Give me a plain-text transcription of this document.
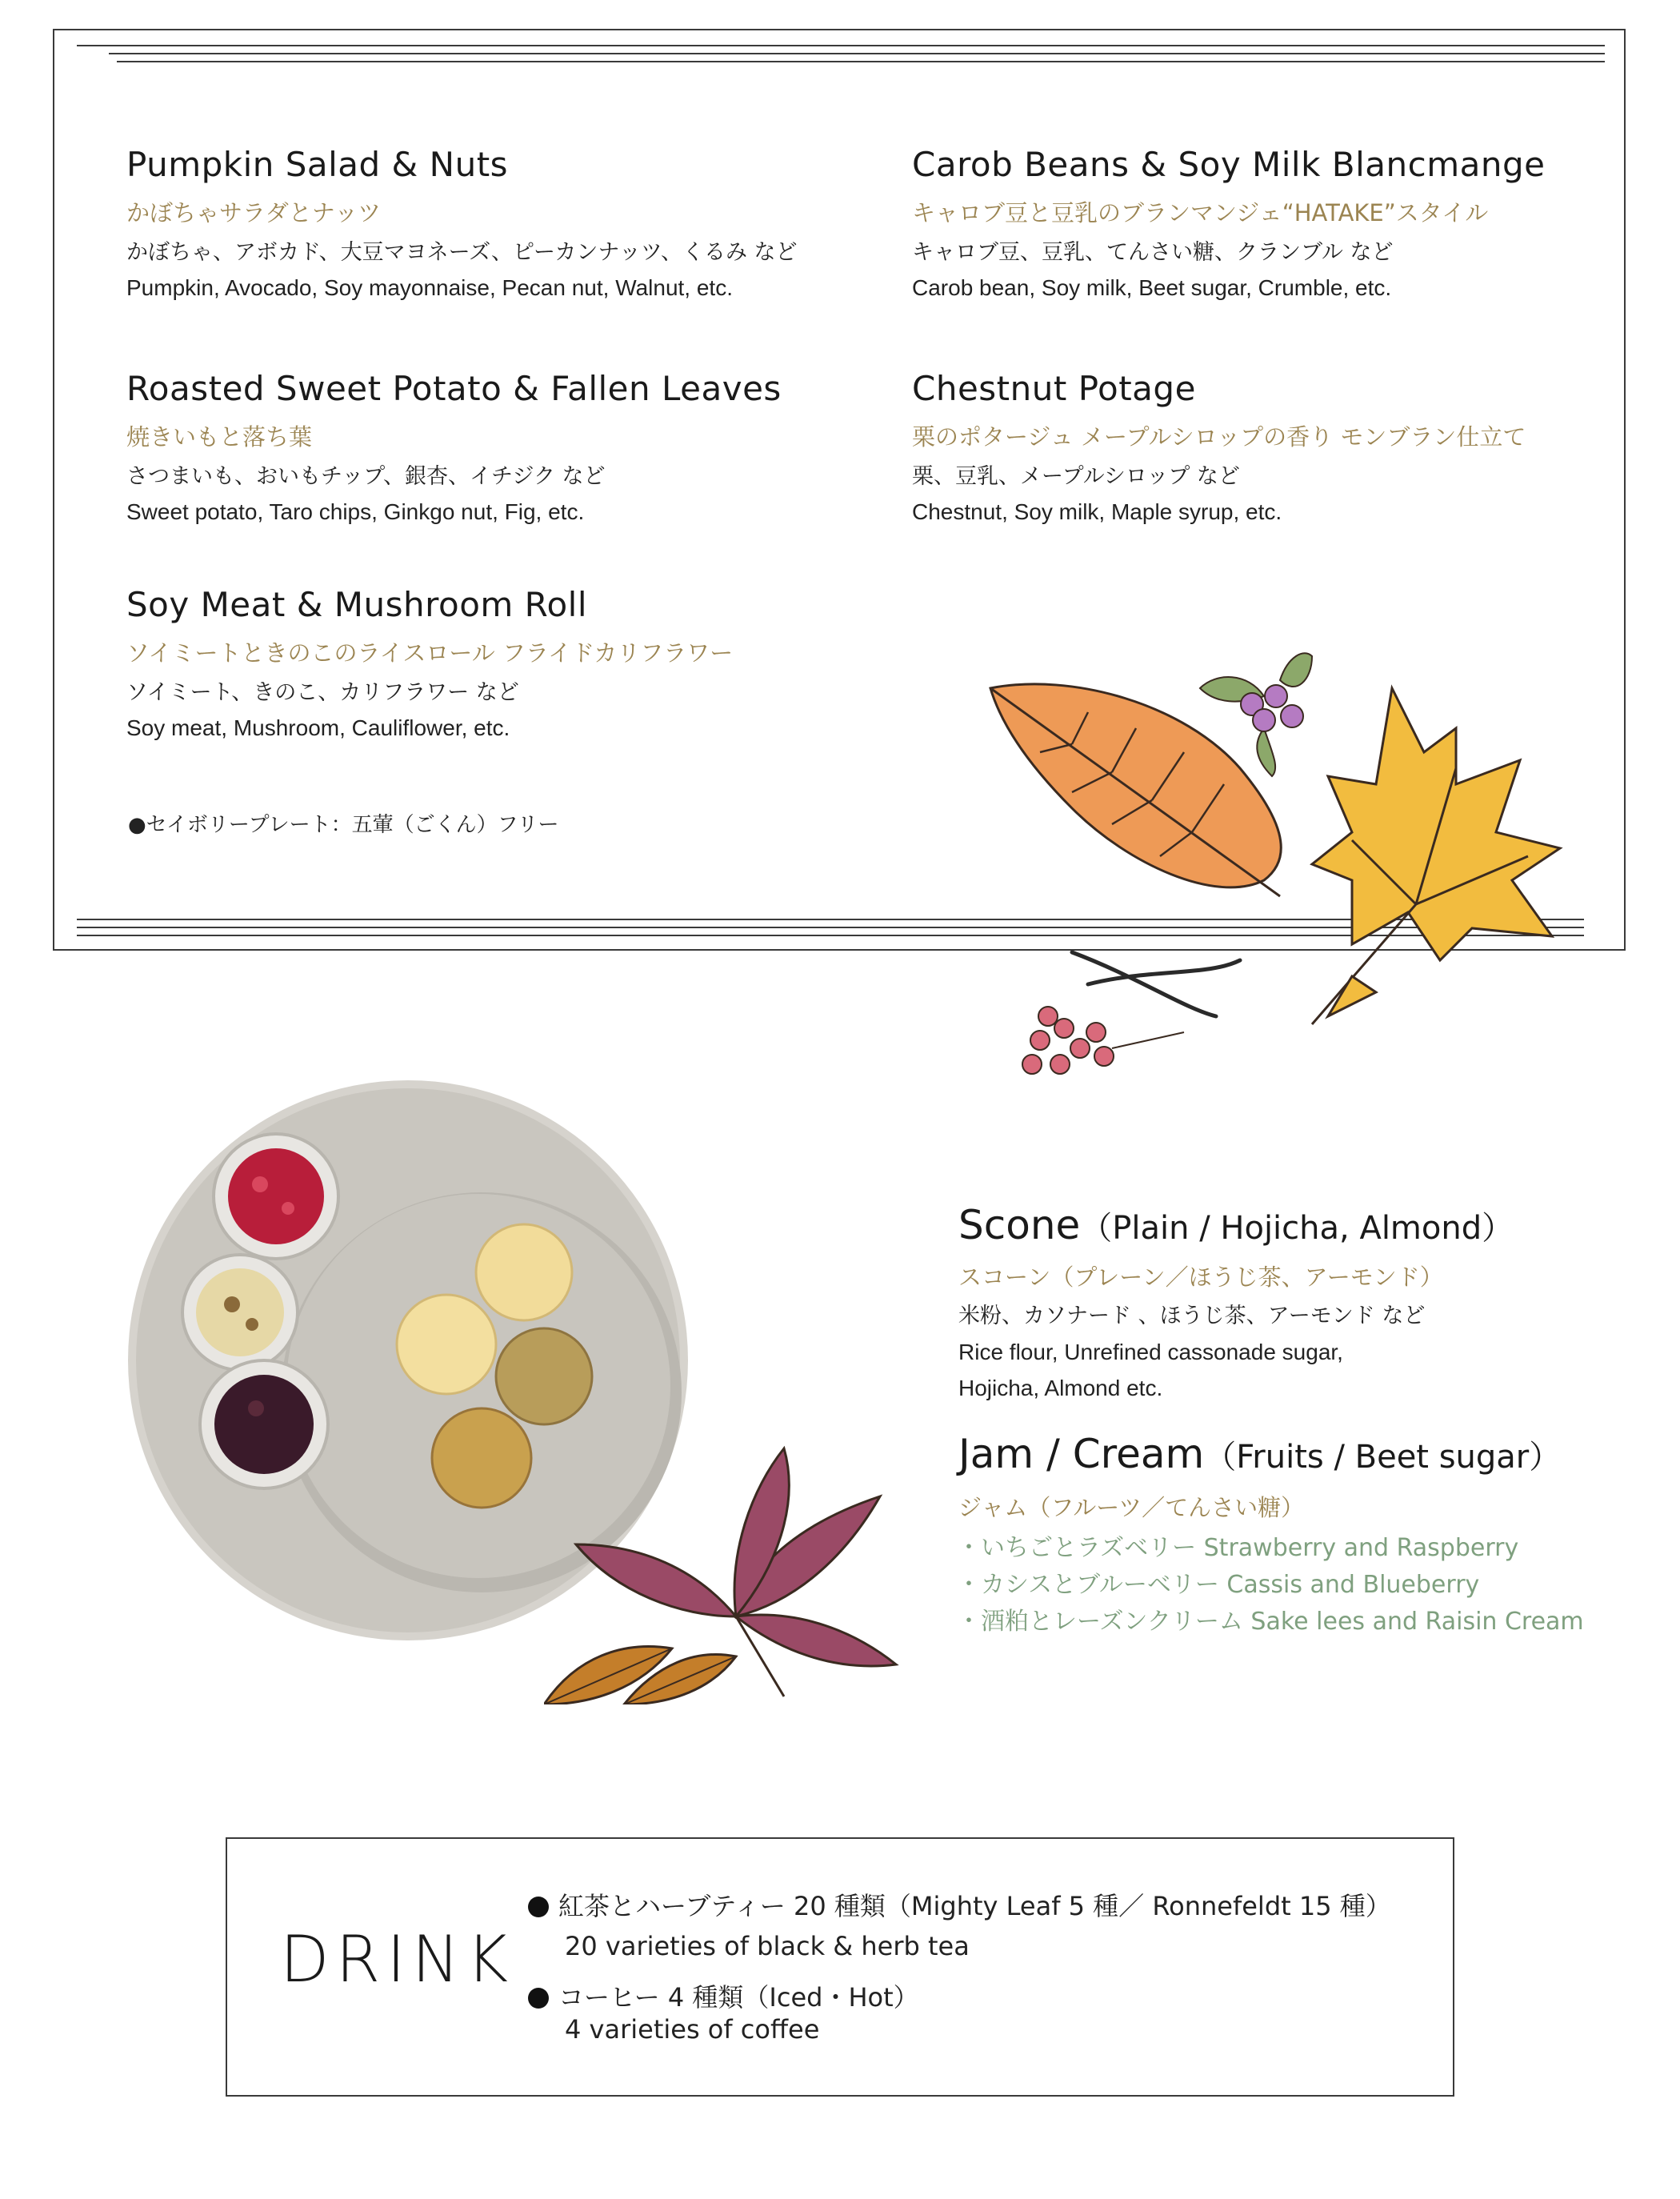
Pumpkin Salad & Nuts
かぼちゃサラダとナッツ
かぼちゃ、アボカド、大豆マヨネーズ、ピーカンナッツ、くるみ など
Pumpkin, Avocado, Soy mayonnaise, Pecan nut, Walnut, etc.
Carob Beans & Soy Milk Blancmange
キャロブ豆と豆乳のブランマンジェ“HATAKE”スタイル
キャロブ豆、豆乳、てんさい糖、クランブル など
Carob bean, Soy milk, Beet sugar, Crumble, etc.
Roasted Sweet Potato & Fallen Leaves
焼きいもと落ち葉
さつまいも、おいもチップ、銀杏、イチジク など
Sweet potato, Taro chips, Ginkgo nut, Fig, etc.
Chestnut Potage
栗のポタージュ メープルシロップの香り モンブラン仕立て
栗、豆乳、メープルシロップ など
Chestnut, Soy milk, Maple syrup, etc.
Soy Meat & Mushroom Roll
ソイミートときのこのライスロール フライドカリフラワー
ソイミート、きのこ、カリフラワー など
Soy meat, Mushroom, Cauliflower, etc.
●セイボリープレート：五葷（ごくん）フリー
Scone（Plain / Hojicha, Almond）
スコーン（プレーン／ほうじ茶、アーモンド）
米粉、カソナード 、ほうじ茶、アーモンド など
Rice flour, Unrefined cassonade sugar,
Hojicha, Almond etc.
Jam / Cream（Fruits / Beet sugar）
ジャム（フルーツ／てんさい糖）
・いちごとラズベリー Strawberry and Raspberry
・カシスとブルーベリー Cassis and Blueberry
・酒粕とレーズンクリーム Sake lees and Raisin Cream
DRINK
紅茶とハーブティー 20 種類（Mighty Leaf 5 種／ Ronnefeldt 15 種）
20 varieties of black & herb tea
コーヒー 4 種類（Iced・Hot）
4 varieties of coffee
